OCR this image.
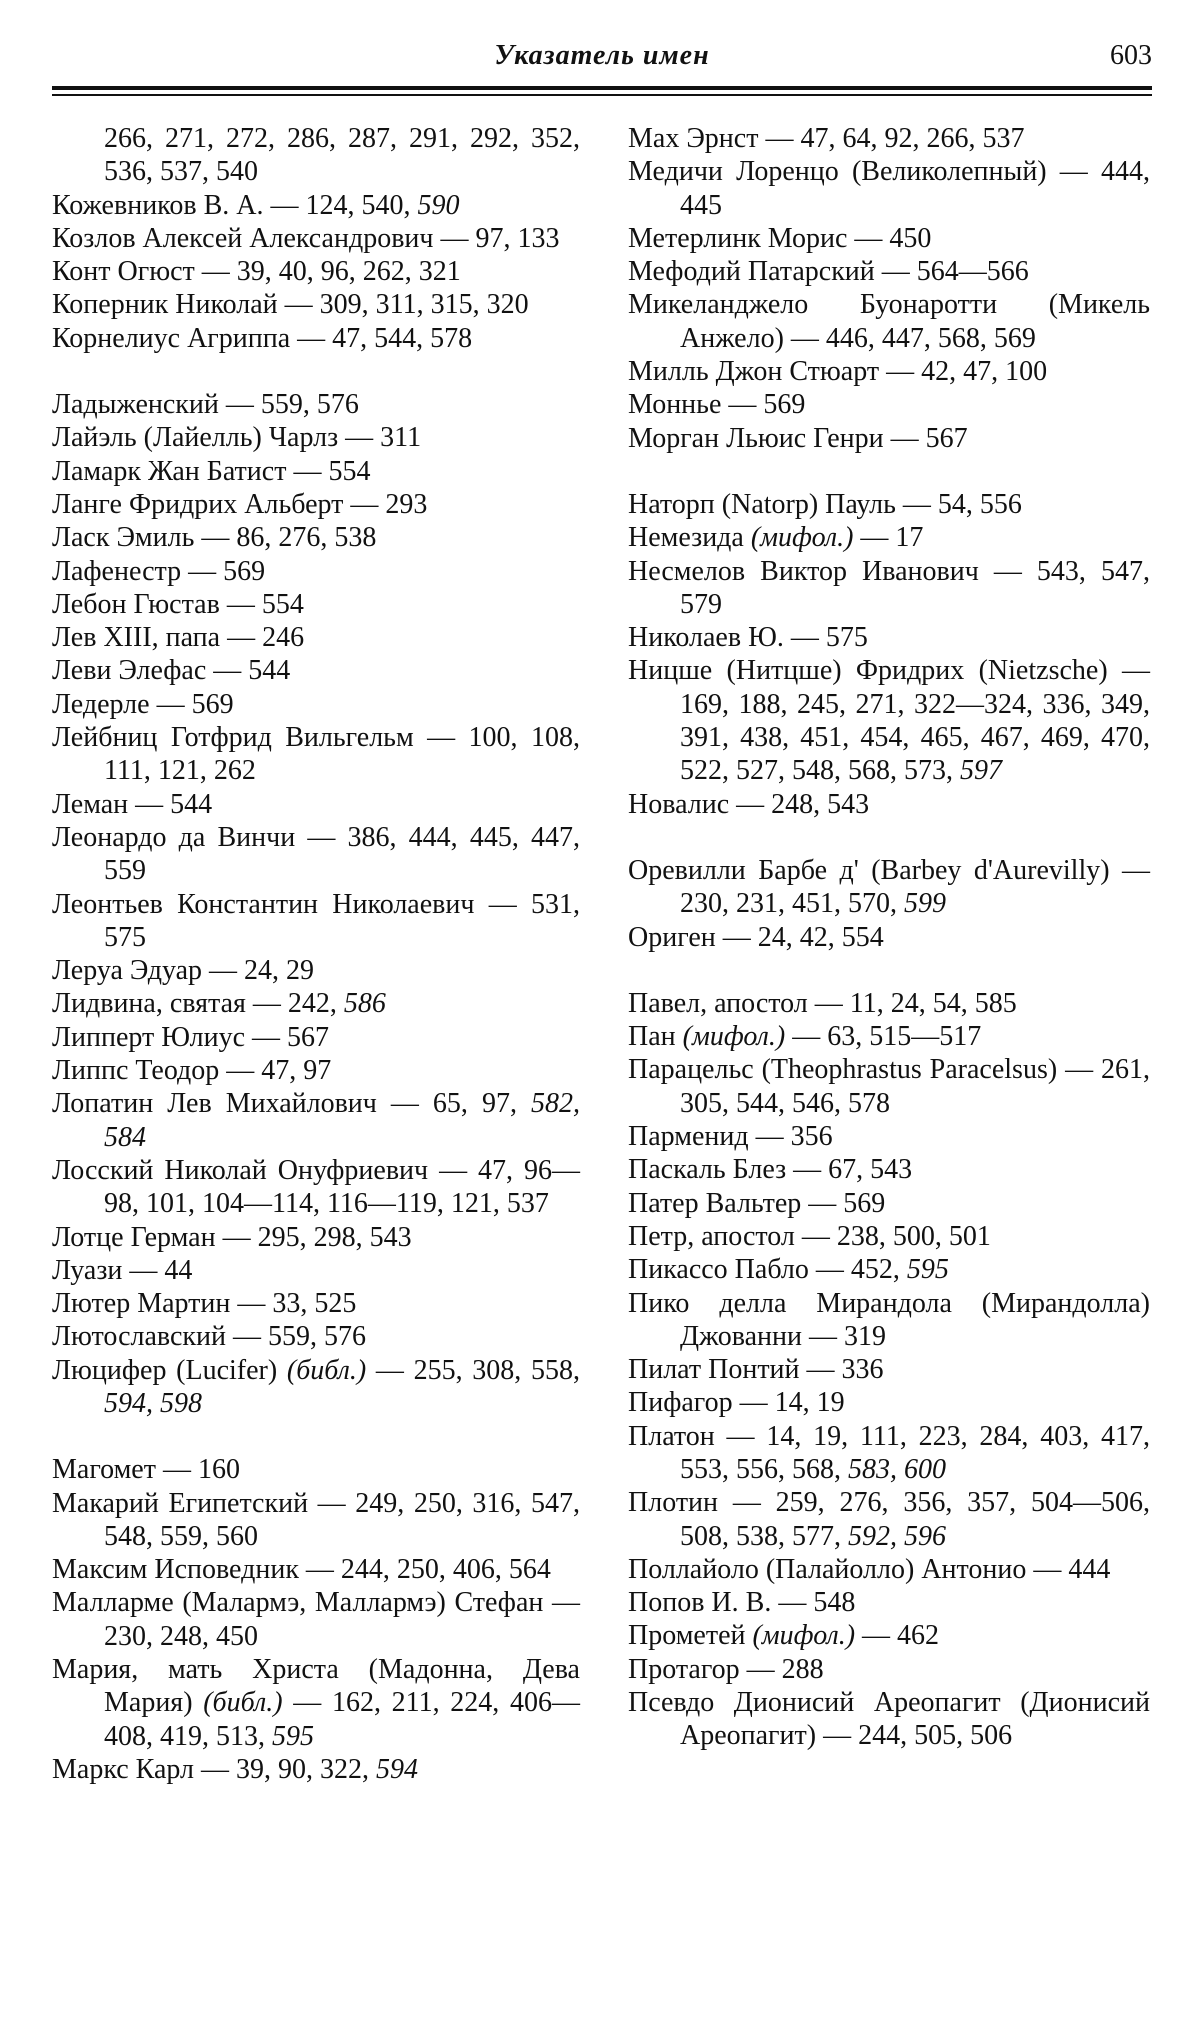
Указатель имен	603

266, 271, 272, 286, 287, 291, 292, 352, 536, 537, 540

Кожевников В. А. — 124, 540, 590

Козлов Алексей Александрович — 97, 133

Конт Огюст — 39, 40, 96, 262, 321

Коперник Николай — 309, 311, 315, 320

Корнелиус Агриппа — 47, 544, 578

Ладыженский — 559, 576

Лайэль (Лайелль) Чарлз — 311

Ламарк Жан Батист — 554

Ланге Фридрих Альберт — 293

Ласк Эмиль — 86, 276, 538

Лафенестр — 569

Лебон Гюстав — 554

Лев XIII, папа — 246

Леви Элефас — 544

Ледерле — 569

Лейбниц Готфрид Вильгельм — 100, 108, 111, 121, 262

Леман — 544

Леонардо да Винчи — 386, 444, 445, 447, 559

Леонтьев Константин Николаевич — 531, 575

Леруа Эдуар — 24, 29

Лидвина, святая — 242, 586

Липперт Юлиус — 567

Липпс Теодор — 47, 97

Лопатин Лев Михайлович — 65, 97, 582, 584

Лосский Николай Онуфриевич — 47, 96—98, 101, 104—114, 116—119, 121, 537

Лотце Герман — 295, 298, 543

Луази — 44

Лютер Мартин — 33, 525

Лютославский — 559, 576

Люцифер (Lucifer) (библ.) — 255, 308, 558, 594, 598

Магомет — 160

Макарий Египетский — 249, 250, 316, 547, 548, 559, 560

Максим Исповедник — 244, 250, 406, 564

Малларме (Малармэ, Маллармэ) Стефан — 230, 248, 450

Мария, мать Христа (Мадонна, Дева Мария) (библ.) — 162, 211, 224, 406—408, 419, 513, 595

Маркс Карл — 39, 90, 322, 594

Мах Эрнст — 47, 64, 92, 266, 537

Медичи Лоренцо (Великолепный) — 444, 445

Метерлинк Морис — 450

Мефодий Патарский — 564—566

Микеланджело Буонаротти (Микель Анжело) — 446, 447, 568, 569

Милль Джон Стюарт — 42, 47, 100

Моннье — 569

Морган Льюис Генри — 567

Наторп (Natorp) Пауль — 54, 556

Немезида (мифол.) — 17

Несмелов Виктор Иванович — 543, 547, 579

Николаев Ю. — 575

Ницше (Нитцше) Фридрих (Nietzsche) — 169, 188, 245, 271, 322—324, 336, 349, 391, 438, 451, 454, 465, 467, 469, 470, 522, 527, 548, 568, 573, 597

Новалис — 248, 543

Оревилли Барбе д' (Barbey d'Aurevilly) — 230, 231, 451, 570, 599

Ориген — 24, 42, 554

Павел, апостол — 11, 24, 54, 585

Пан (мифол.) — 63, 515—517

Парацельс (Theophrastus Paracelsus) — 261, 305, 544, 546, 578

Парменид — 356

Паскаль Блез — 67, 543

Патер Вальтер — 569

Петр, апостол — 238, 500, 501

Пикассо Пабло — 452, 595

Пико делла Мирандола (Мирандолла) Джованни — 319

Пилат Понтий — 336

Пифагор — 14, 19

Платон — 14, 19, 111, 223, 284, 403, 417, 553, 556, 568, 583, 600

Плотин — 259, 276, 356, 357, 504—506, 508, 538, 577, 592, 596

Поллайоло (Палайолло) Антонио — 444

Попов И. В. — 548

Прометей (мифол.) — 462

Протагор — 288

Псевдо Дионисий Ареопагит (Дионисий Ареопагит) — 244, 505, 506
